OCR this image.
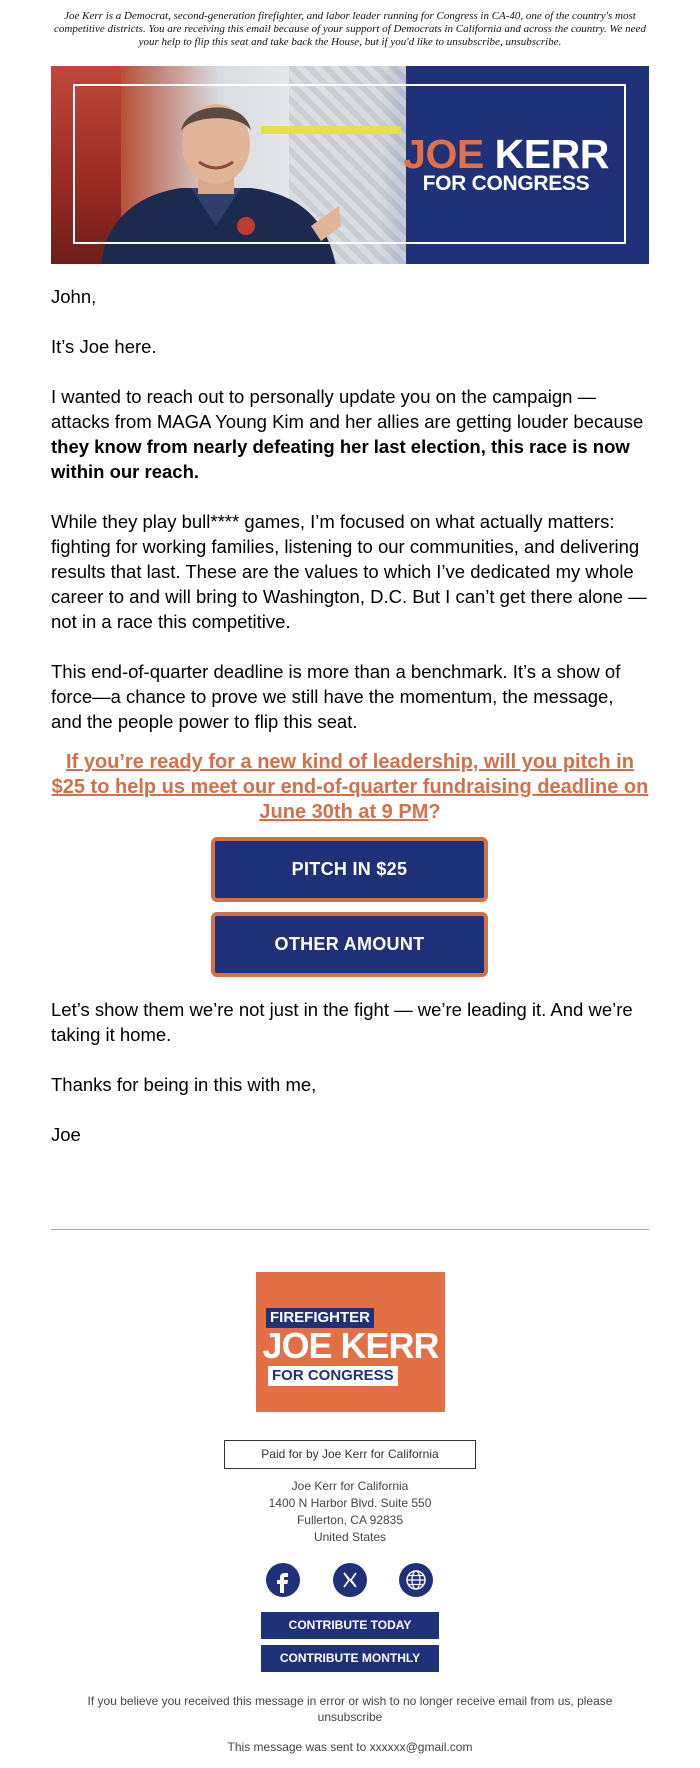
Joe Kerr is a Democrat, second-generation firefighter, and labor leader running for Congress in CA-40, one of the country's most competitive districts. You are receiving this email because of your support of Democrats in California and across the country. We need your help to flip this seat and take back the House, but if you'd like to unsubscribe, unsubscribe.
JOE KERR
FOR CONGRESS

John,

It’s Joe here.

I wanted to reach out to personally update you on the campaign — attacks from MAGA Young Kim and her allies are getting louder because they know from nearly defeating her last election, this race is now within our reach.

While they play bull**** games, I’m focused on what actually matters: fighting for working families, listening to our communities, and delivering results that last. These are the values to which I’ve dedicated my whole career to and will bring to Washington, D.C. But I can’t get there alone — not in a race this competitive.

This end-of-quarter deadline is more than a benchmark. It’s a show of force—a chance to prove we still have the momentum, the message, and the people power to flip this seat.

If you’re ready for a new kind of leadership, will you pitch in $25 to help us meet our end-of-quarter fundraising deadline on June 30th at 9 PM?
PITCH IN $25
OTHER AMOUNT

Let’s show them we’re not just in the fight — we’re leading it. And we’re taking it home.

Thanks for being in this with me,

Joe

FIREFIGHTER
JOE KERR
FOR CONGRESS
Paid for by Joe Kerr for California
Joe Kerr for California
1400 N Harbor Blvd. Suite 550
Fullerton, CA 92835
United States
CONTRIBUTE TODAY
CONTRIBUTE MONTHLY
If you believe you received this message in error or wish to no longer receive email from us, please unsubscribe
This message was sent to xxxxxx@gmail.com
